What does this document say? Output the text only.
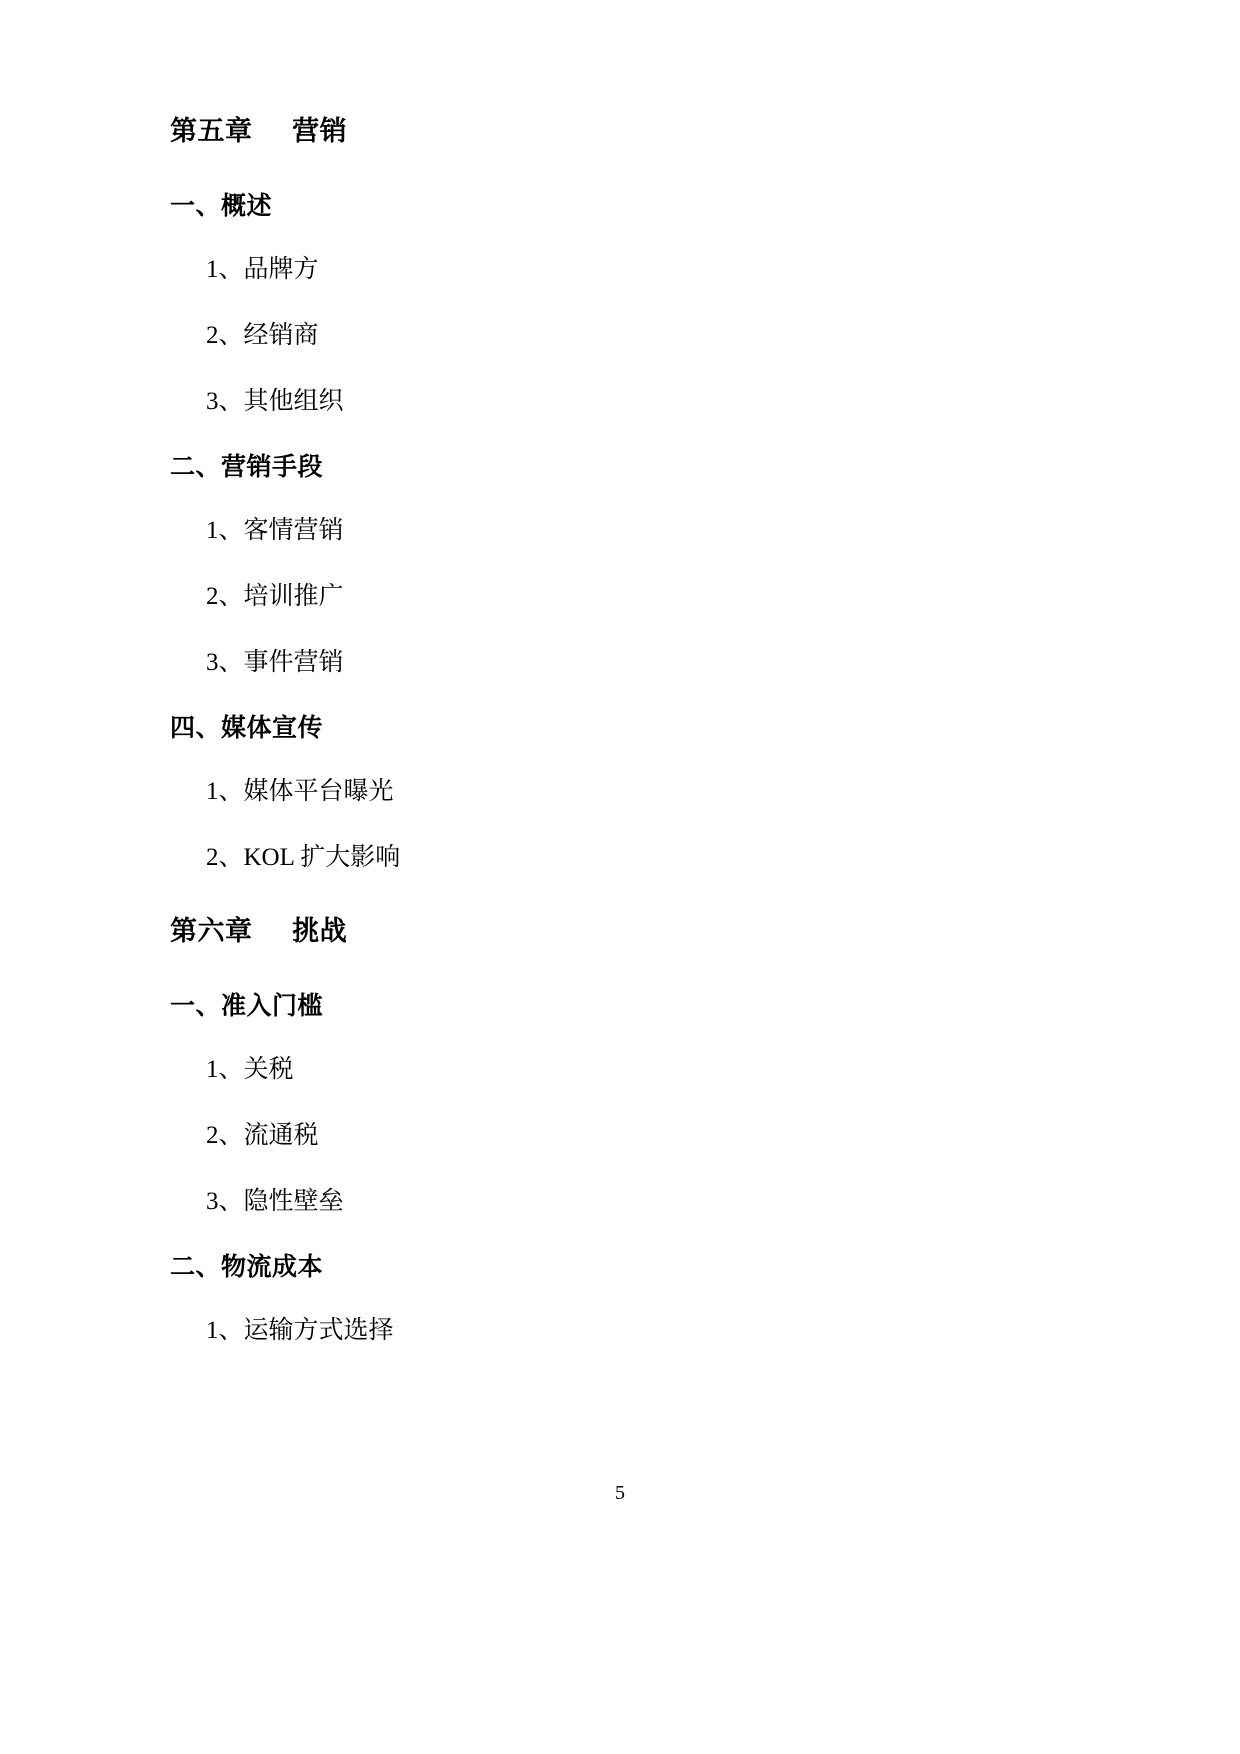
第五章    营销
一、概述
1、品牌方
2、经销商
3、其他组织
二、营销手段
1、客情营销
2、培训推广
3、事件营销
四、媒体宣传
1、媒体平台曝光
2、KOL 扩大影响
第六章    挑战
一、准入门槛
1、关税
2、流通税
3、隐性壁垒
二、物流成本
1、运输方式选择
5
